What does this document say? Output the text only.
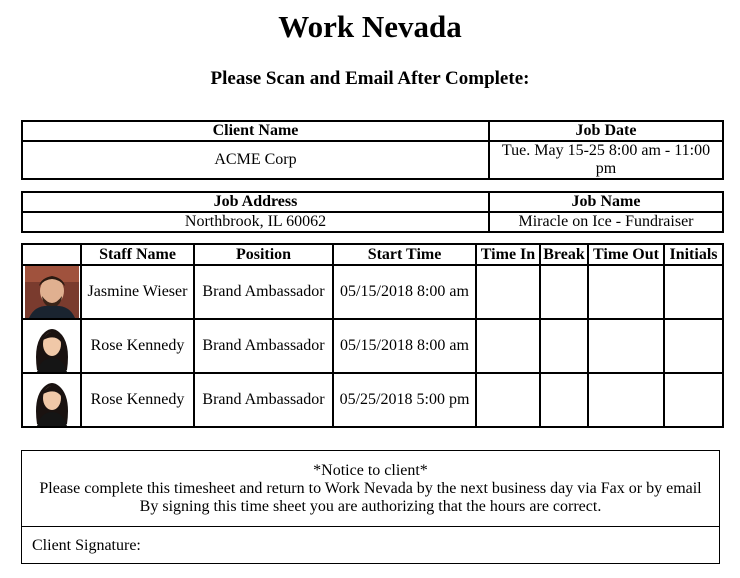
Work Nevada
Please Scan and Email After Complete:
Client Name	Job Date
ACME Corp	Tue. May 15-25 8:00 am - 11:00 pm
Job Address	Job Name
Northbrook, IL 60062	Miracle on Ice - Fundraiser
	Staff Name	Position	Start Time	Time In	Break	Time Out	Initials

	Jasmine Wieser	Brand Ambassador	05/15/2018 8:00 am				

	Rose Kennedy	Brand Ambassador	05/15/2018 8:00 am				

	Rose Kennedy	Brand Ambassador	05/25/2018 5:00 pm				
*Notice to client*
Please complete this timesheet and return to Work Nevada by the next business day via Fax or by email
By signing this time sheet you are authorizing that the hours are correct.
Client Signature:
